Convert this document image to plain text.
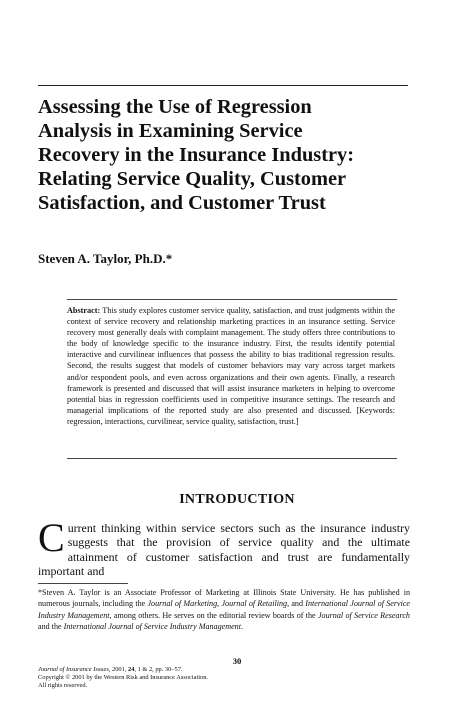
Assessing the Use of Regression
Analysis in Examining Service
Recovery in the Insurance Industry:
Relating Service Quality, Customer
Satisfaction, and Customer Trust
Steven A. Taylor, Ph.D.*

Abstract: This study explores customer service quality, satisfaction, and trust judgments within the context of service recovery and relationship marketing practices in an insurance setting. Service recovery most generally deals with complaint management. The study offers three contributions to the body of knowledge specific to the insurance industry. First, the results identify potential interactive and curvilinear influences that possess the ability to bias traditional regression results. Second, the results suggest that models of customer behaviors may vary across target markets and/or respondent pools, and even across organizations and their own agents. Finally, a research framework is presented and discussed that will assist insurance marketers in helping to overcome potential bias in regression coefficients used in competitive insurance settings. The research and managerial implications of the reported study are also presented and discussed. [Keywords: regression, interactions, curvilinear, service quality, satisfaction, trust.]

INTRODUCTION

Current thinking within service sectors such as the insurance industry suggests that the provision of service quality and the ultimate attainment of customer satisfaction and trust are fundamentally important and

*Steven A. Taylor is an Associate Professor of Marketing at Illinois State University. He has published in numerous journals, including the Journal of Marketing, Journal of Retailing, and International Journal of Service Industry Management, among others. He serves on the editorial review boards of the Journal of Service Research and the International Journal of Service Industry Management.

30
Journal of Insurance Issues, 2001, 24, 1 & 2, pp. 30–57.
Copyright © 2001 by the Western Risk and Insurance Association.
All rights reserved.
